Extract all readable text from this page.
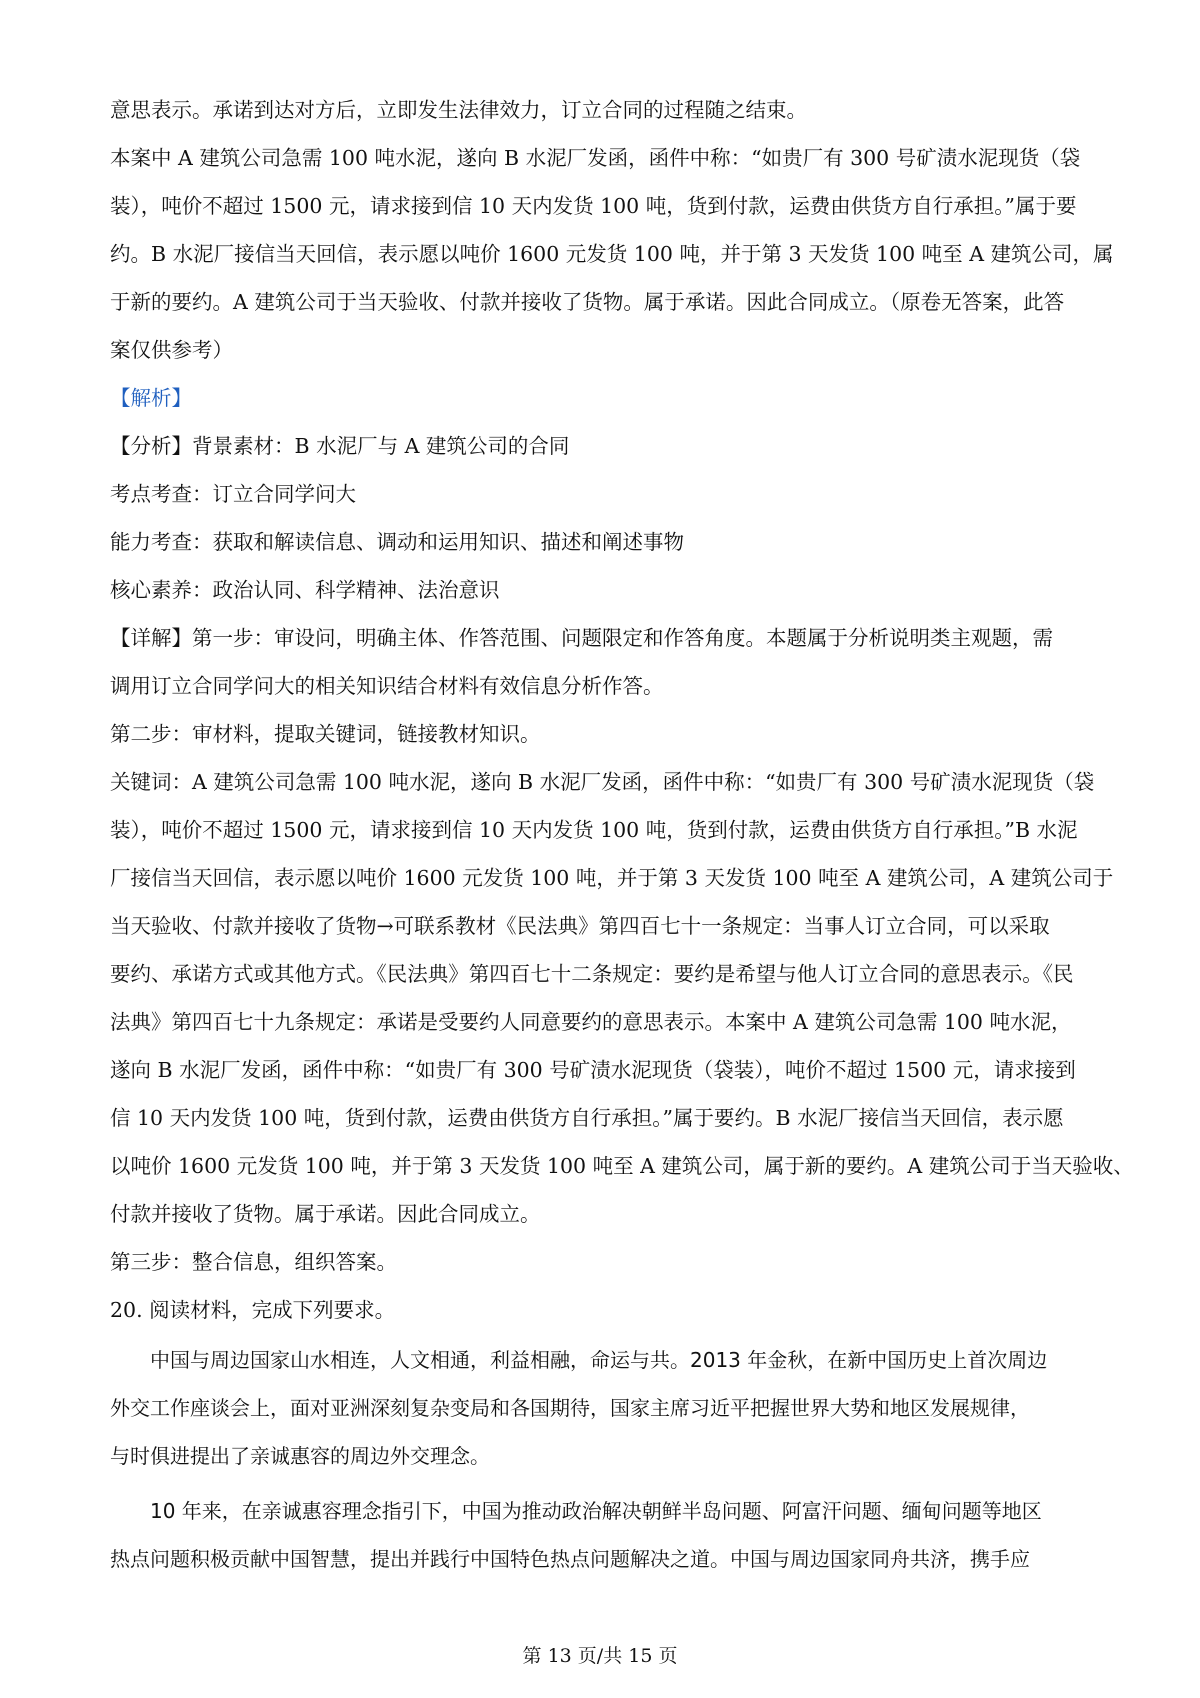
意思表示。承诺到达对方后，立即发生法律效力，订立合同的过程随之结束。
本案中 A 建筑公司急需 100 吨水泥，遂向 B 水泥厂发函，函件中称：“如贵厂有 300 号矿渍水泥现货（袋
装），吨价不超过 1500 元，请求接到信 10 天内发货 100 吨，货到付款，运费由供货方自行承担。”属于要
约。B 水泥厂接信当天回信，表示愿以吨价 1600 元发货 100 吨，并于第 3 天发货 100 吨至 A 建筑公司，属
于新的要约。A 建筑公司于当天验收、付款并接收了货物。属于承诺。因此合同成立。（原卷无答案，此答
案仅供参考）
【解析】
【分析】背景素材：B 水泥厂与 A 建筑公司的合同
考点考查：订立合同学问大
能力考查：获取和解读信息、调动和运用知识、描述和阐述事物
核心素养：政治认同、科学精神、法治意识
【详解】第一步：审设问，明确主体、作答范围、问题限定和作答角度。本题属于分析说明类主观题，需
调用订立合同学问大的相关知识结合材料有效信息分析作答。
第二步：审材料，提取关键词，链接教材知识。
关键词：A 建筑公司急需 100 吨水泥，遂向 B 水泥厂发函，函件中称：“如贵厂有 300 号矿渍水泥现货（袋
装），吨价不超过 1500 元，请求接到信 10 天内发货 100 吨，货到付款，运费由供货方自行承担。”B 水泥
厂接信当天回信，表示愿以吨价 1600 元发货 100 吨，并于第 3 天发货 100 吨至 A 建筑公司，A 建筑公司于
当天验收、付款并接收了货物→可联系教材《民法典》第四百七十一条规定：当事人订立合同，可以采取
要约、承诺方式或其他方式。《民法典》第四百七十二条规定：要约是希望与他人订立合同的意思表示。《民
法典》第四百七十九条规定：承诺是受要约人同意要约的意思表示。本案中 A 建筑公司急需 100 吨水泥，
遂向 B 水泥厂发函，函件中称：“如贵厂有 300 号矿渍水泥现货（袋装），吨价不超过 1500 元，请求接到
信 10 天内发货 100 吨，货到付款，运费由供货方自行承担。”属于要约。B 水泥厂接信当天回信，表示愿
以吨价 1600 元发货 100 吨，并于第 3 天发货 100 吨至 A 建筑公司，属于新的要约。A 建筑公司于当天验收、
付款并接收了货物。属于承诺。因此合同成立。
第三步：整合信息，组织答案。
20. 阅读材料，完成下列要求。
　　中国与周边国家山水相连，人文相通，利益相融，命运与共。2013 年金秋，在新中国历史上首次周边
外交工作座谈会上，面对亚洲深刻复杂变局和各国期待，国家主席习近平把握世界大势和地区发展规律，
与时俱进提出了亲诚惠容的周边外交理念。
　　10 年来，在亲诚惠容理念指引下，中国为推动政治解决朝鲜半岛问题、阿富汗问题、缅甸问题等地区
热点问题积极贡献中国智慧，提出并践行中国特色热点问题解决之道。中国与周边国家同舟共济，携手应
第 13 页/共 15 页
